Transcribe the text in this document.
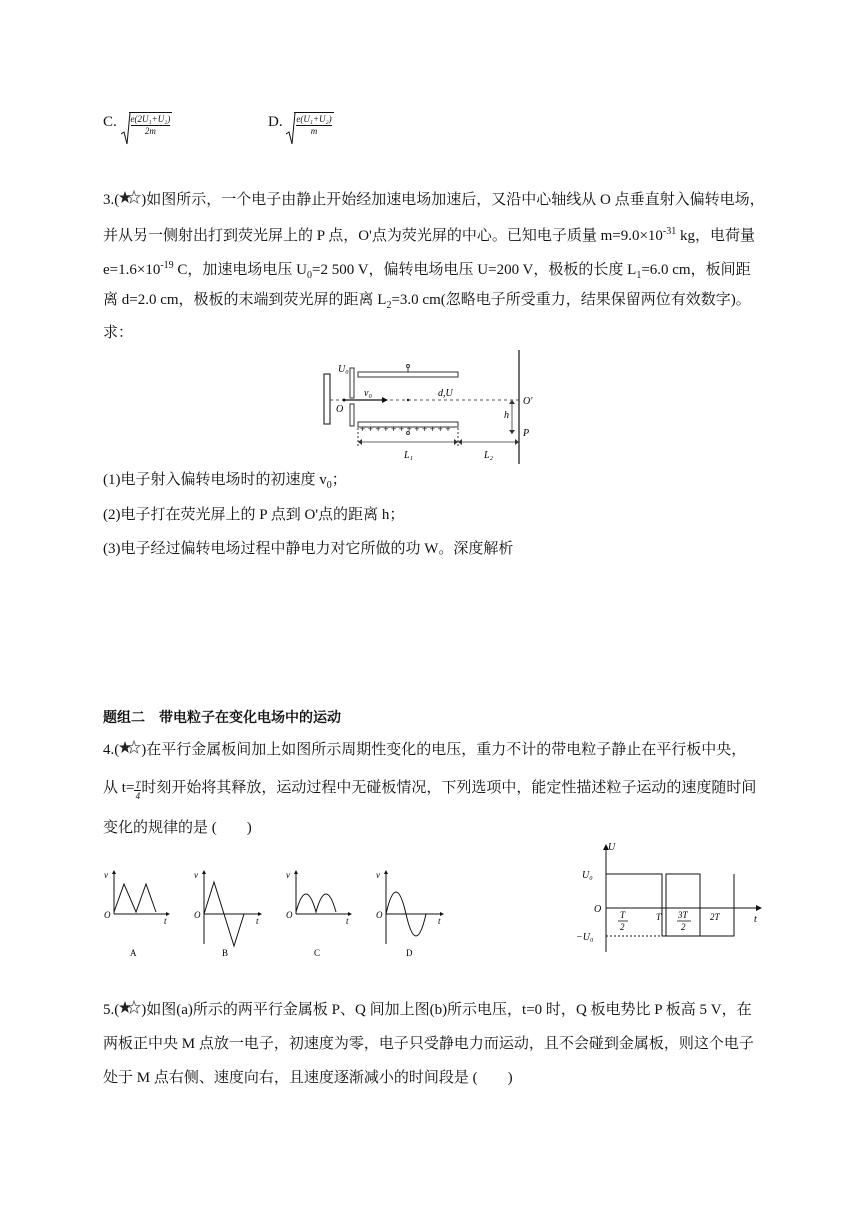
C. $\frac{\text{e(2U₁+U₂)}}{2m}$	D. $\frac{\text{e(U₁+U₂)}}{m}$
3.( )如图所示，一个电子由静止开始经加速电场加速后，又沿中心轴线从 O 点垂直射入偏转电场，
并从另一侧射出打到荧光屏上的 P 点，O'点为荧光屏的中心。已知电子质量 $m=9.0\times 10^{-31}$ kg，电荷量
$e=1.6\times 10^{-19}$ C，加速电场电压 $U_0=2$ 500 V，偏转电场电压 U=200 V，极板的长度 $L_1=6.0$ cm，板间距
离 d=2.0 cm，极板的末端到荧光屏的距离 $L_2=3.0$ cm(忽略电子所受重力，结果保留两位有效数字)。
求：
+ + + + + + + + + + + +
U₀
v₀	d,U
O
O'
h
P
L₁	L₂
(1)电子射入偏转电场时的初速度 $v_0$；
(2)电子打在荧光屏上的 P 点到 O'点的距离 h；
(3)电子经过偏转电场过程中静电力对它所做的功 W。深度解析
题组二　带电粒子在变化电场中的运动
4.( )在平行金属板间加上如图所示周期性变化的电压，重力不计的带电粒子静止在平行板中央，
从 $t= \frac{T}{4}$ 时刻开始将其释放，运动过程中无碰板情况，下列选项中，能定性描述粒子运动的速度随时间
变化的规律的是 (　　)
v
O
t
A
v
O
t
B
v
O
t
C
v
O
t
D
U
U₀
−U₀
O
t
T
2
T 3T
2
2T
5.( )如图(a)所示的两平行金属板 P、Q 间加上图(b)所示电压，t=0 时，Q 板电势比 P 板高 5 V，在
两板正中央 M 点放一电子，初速度为零，电子只受静电力而运动，且不会碰到金属板，则这个电子
处于 M 点右侧、速度向右，且速度逐渐减小的时间段是 (　　)
